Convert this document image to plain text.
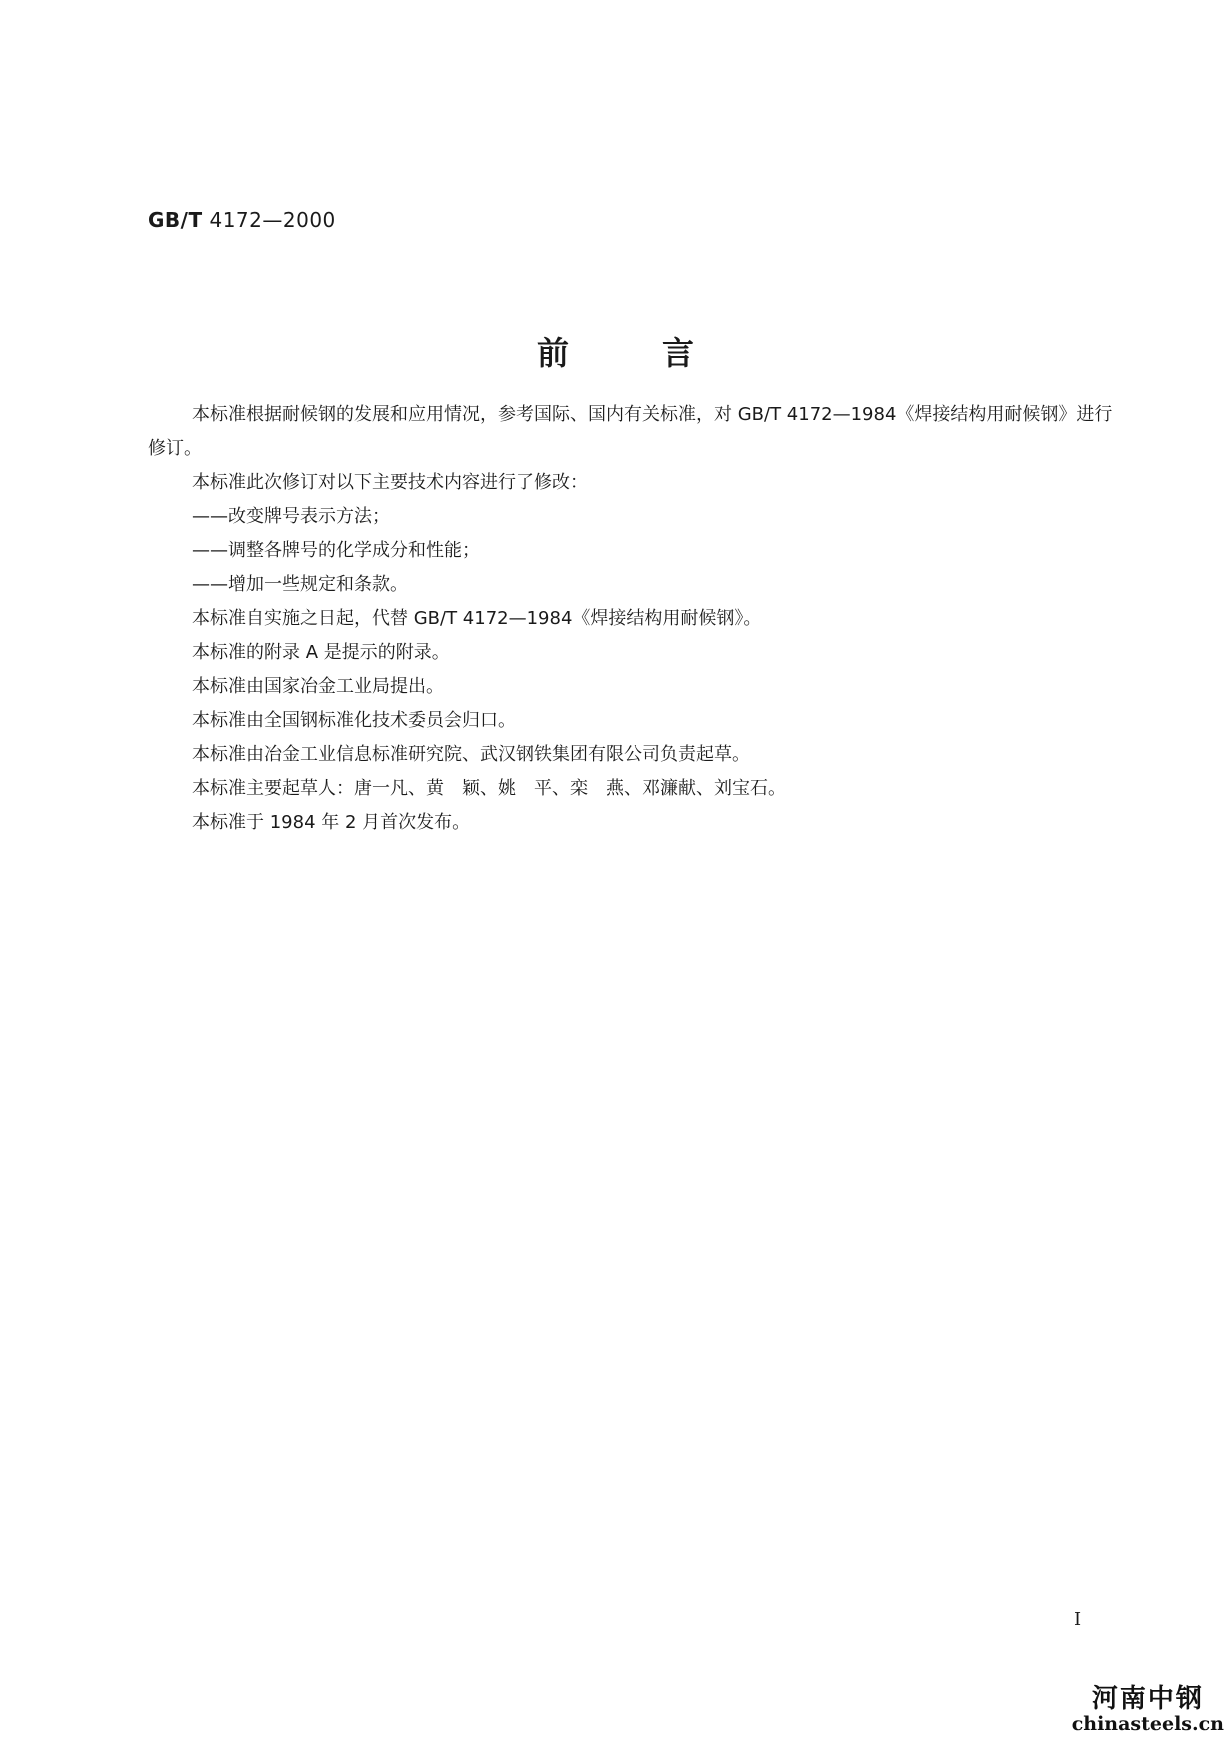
GB/T 4172—2000
前	言

本标准根据耐候钢的发展和应用情况，参考国际、国内有关标准，对 GB/T 4172—1984《焊接结构用耐候钢》进行修订。

本标准此次修订对以下主要技术内容进行了修改：

——改变牌号表示方法；

——调整各牌号的化学成分和性能；

——增加一些规定和条款。

本标准自实施之日起，代替 GB/T 4172—1984《焊接结构用耐候钢》。

本标准的附录 A 是提示的附录。

本标准由国家冶金工业局提出。

本标准由全国钢标准化技术委员会归口。

本标准由冶金工业信息标准研究院、武汉钢铁集团有限公司负责起草。

本标准主要起草人：唐一凡、黄　颖、姚　平、栾　燕、邓濂献、刘宝石。

本标准于 1984 年 2 月首次发布。

I
河南中钢
chinasteels.cn
